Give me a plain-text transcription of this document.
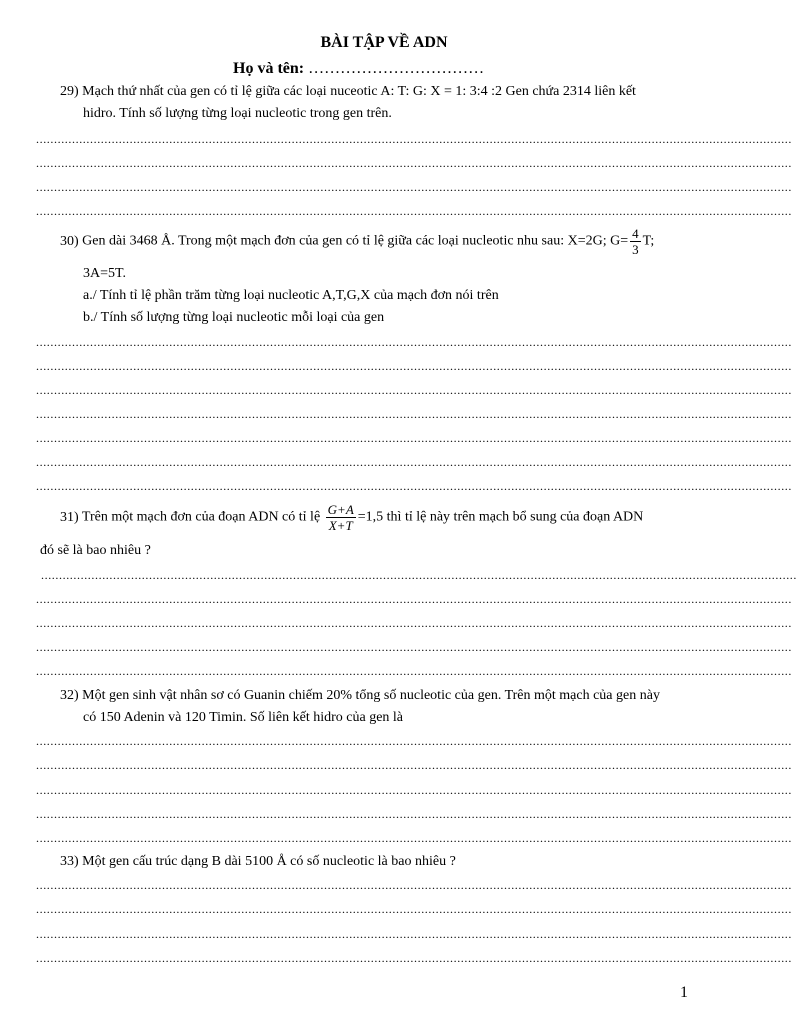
BÀI TẬP VỀ ADN
Họ và tên: ……………………………
29) Mạch thứ nhất của gen có tỉ lệ giữa các loại nuceotic A: T: G: X = 1: 3:4 :2 Gen chứa 2314 liên kết
hidro. Tính số lượng từng loại nucleotic trong gen trên.
..................................................................................................................................................................................................................
..................................................................................................................................................................................................................
..................................................................................................................................................................................................................
..................................................................................................................................................................................................................
30) Gen dài 3468 Å. Trong một mạch đơn của gen có tỉ lệ giữa các loại nucleotic nhu sau: X=2G; $G= \frac{4}{3} T$;
3A=5T.
a./ Tính tỉ lệ phần trăm từng loại nucleotic A,T,G,X của mạch đơn nói trên
b./ Tính số lượng từng loại nucleotic mỗi loại của gen
..................................................................................................................................................................................................................
..................................................................................................................................................................................................................
..................................................................................................................................................................................................................
..................................................................................................................................................................................................................
..................................................................................................................................................................................................................
..................................................................................................................................................................................................................
..................................................................................................................................................................................................................
31) Trên một mạch đơn của đoạn ADN có tỉ lệ $\frac{G+A}{X+T} =1,5$ thì tỉ lệ này trên mạch bổ sung của đoạn ADN
đó sẽ là bao nhiêu ?
..................................................................................................................................................................................................................
..................................................................................................................................................................................................................
..................................................................................................................................................................................................................
..................................................................................................................................................................................................................
..................................................................................................................................................................................................................
32) Một gen sinh vật nhân sơ có Guanin chiếm 20% tổng số nucleotic của gen. Trên một mạch của gen này
có 150 Adenin và 120 Timin. Số liên kết hidro của gen là
..................................................................................................................................................................................................................
..................................................................................................................................................................................................................
..................................................................................................................................................................................................................
..................................................................................................................................................................................................................
..................................................................................................................................................................................................................
33) Một gen cấu trúc dạng B dài 5100 Å có số nucleotic là bao nhiêu ?
..................................................................................................................................................................................................................
..................................................................................................................................................................................................................
..................................................................................................................................................................................................................
..................................................................................................................................................................................................................
1
